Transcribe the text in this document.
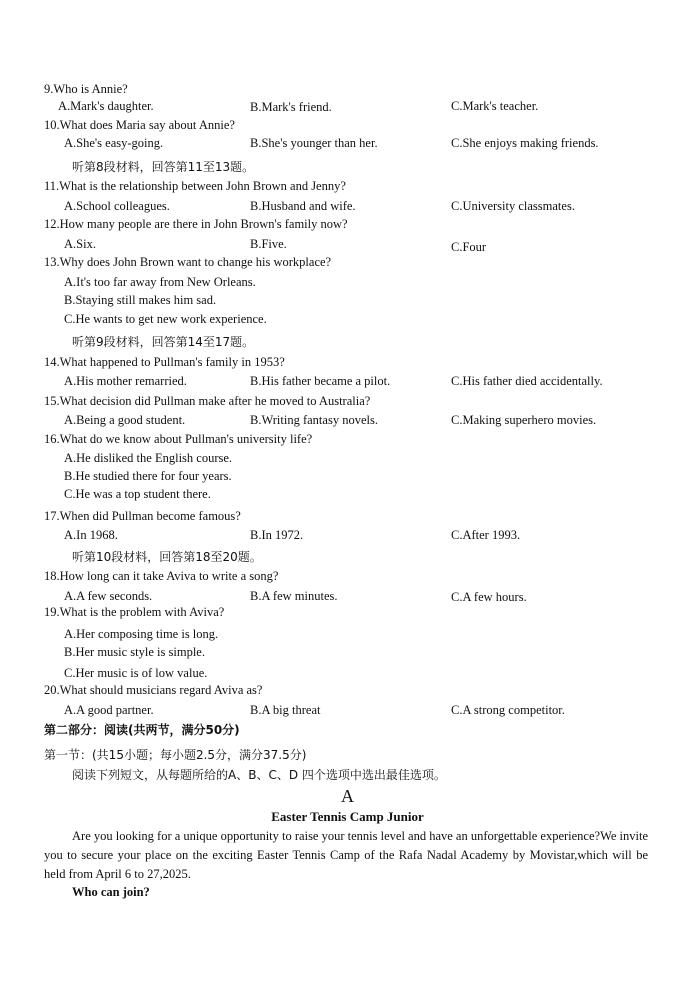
9.Who is Annie?
A.Mark's daughter.	B.Mark's friend.	C.Mark's teacher.
10.What does Maria say about Annie?
A.She's easy-going.	B.She's younger than her.	C.She enjoys making friends.
听第8段材料，回答第11至13题。
11.What is the relationship between John Brown and Jenny?
A.School colleagues.	B.Husband and wife.	C.University classmates.
12.How many people are there in John Brown's family now?
A.Six.	B.Five.	C.Four
13.Why does John Brown want to change his workplace?
A.It's too far away from New Orleans.
B.Staying still makes him sad.
C.He wants to get new work experience.
听第9段材料，回答第14至17题。
14.What happened to Pullman's family in 1953?
A.His mother remarried.	B.His father became a pilot.	C.His father died accidentally.
15.What decision did Pullman make after he moved to Australia?
A.Being a good student.	B.Writing fantasy novels.	C.Making superhero movies.
16.What do we know about Pullman's university life?
A.He disliked the English course.
B.He studied there for four years.
C.He was a top student there.
17.When did Pullman become famous?
A.In 1968.	B.In 1972.	C.After 1993.
听第10段材料，回答第18至20题。
18.How long can it take Aviva to write a song?
A.A few seconds.	B.A few minutes.	C.A few hours.
19.What is the problem with Aviva?
A.Her composing time is long.
B.Her music style is simple.
C.Her music is of low value.
20.What should musicians regard Aviva as?
A.A good partner.	B.A big threat	C.A strong competitor.
第二部分：阅读(共两节，满分50分)
第一节：(共15小题；每小题2.5分，满分37.5分)
阅读下列短文，从每题所给的A、B、C、D 四个选项中选出最佳选项。
A
Easter Tennis Camp Junior
Are you looking for a unique opportunity to raise your tennis level and have an unforgettable experience?We invite you to secure your place on the exciting Easter Tennis Camp of the Rafa Nadal Academy by Movistar,which will be held from April 6 to 27,2025.
Who can join?
